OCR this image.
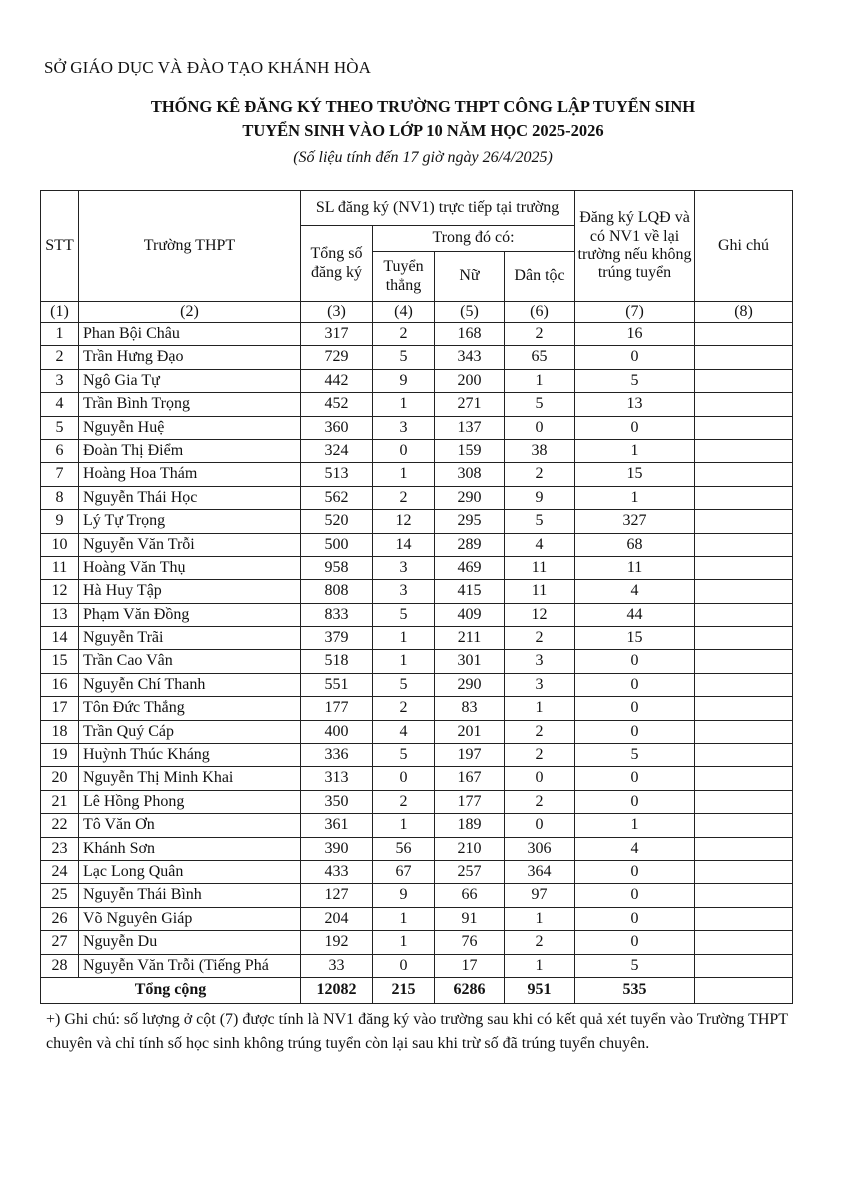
SỞ GIÁO DỤC VÀ ĐÀO TẠO KHÁNH HÒA
THỐNG KÊ ĐĂNG KÝ THEO TRƯỜNG THPT CÔNG LẬP TUYỂN SINH
TUYỂN SINH VÀO LỚP 10 NĂM HỌC 2025-2026
(Số liệu tính đến 17 giờ ngày 26/4/2025)
STT	Trường THPT	SL đăng ký (NV1) trực tiếp tại trường				Đăng ký LQĐ và có NV1 về lại trường nếu không trúng tuyển	Ghi chú
		Tổng số đăng ký	Trong đó có:				
			Tuyển thẳng	Nữ	Dân tộc		
(1)	(2)	(3)	(4)	(5)	(6)	(7)	(8)
1	Phan Bội Châu	317	2	168	2	16	
2	Trần Hưng Đạo	729	5	343	65	0	
3	Ngô Gia Tự	442	9	200	1	5	
4	Trần Bình Trọng	452	1	271	5	13	
5	Nguyễn Huệ	360	3	137	0	0	
6	Đoàn Thị Điểm	324	0	159	38	1	
7	Hoàng Hoa Thám	513	1	308	2	15	
8	Nguyễn Thái Học	562	2	290	9	1	
9	Lý Tự Trọng	520	12	295	5	327	
10	Nguyễn Văn Trỗi	500	14	289	4	68	
11	Hoàng Văn Thụ	958	3	469	11	11	
12	Hà Huy Tập	808	3	415	11	4	
13	Phạm Văn Đồng	833	5	409	12	44	
14	Nguyễn Trãi	379	1	211	2	15	
15	Trần Cao Vân	518	1	301	3	0	
16	Nguyễn Chí Thanh	551	5	290	3	0	
17	Tôn Đức Thắng	177	2	83	1	0	
18	Trần Quý Cáp	400	4	201	2	0	
19	Huỳnh Thúc Kháng	336	5	197	2	5	
20	Nguyễn Thị Minh Khai	313	0	167	0	0	
21	Lê Hồng Phong	350	2	177	2	0	
22	Tô Văn Ơn	361	1	189	0	1	
23	Khánh Sơn	390	56	210	306	4	
24	Lạc Long Quân	433	67	257	364	0	
25	Nguyễn Thái Bình	127	9	66	97	0	
26	Võ Nguyên Giáp	204	1	91	1	0	
27	Nguyễn Du	192	1	76	2	0	
28	Nguyễn Văn Trỗi (Tiếng Phá	33	0	17	1	5	
Tổng cộng		12082	215	6286	951	535	
+) Ghi chú: số lượng ở cột (7) được tính là NV1 đăng ký vào trường sau khi có kết quả xét tuyển vào Trường THPT chuyên và chỉ tính số học sinh không trúng tuyển còn lại sau khi trừ số đã trúng tuyển chuyên.
